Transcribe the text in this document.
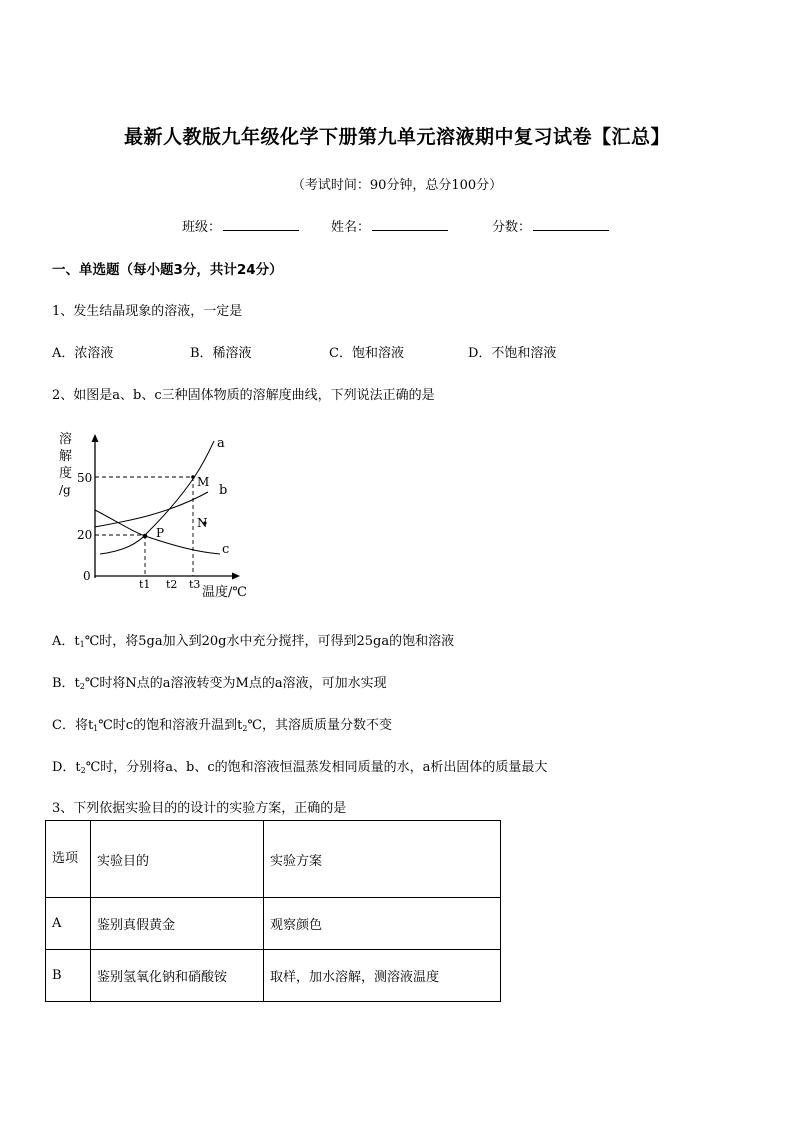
最新人教版九年级化学下册第九单元溶液期中复习试卷【汇总】
（考试时间：90分钟，总分100分）
班级：	姓名：	分数：
一、单选题（每小题3分，共计24分）
1、发生结晶现象的溶液，一定是
A．浓溶液	B．稀溶液	C．饱和溶液	D．不饱和溶液
2、如图是a、b、c三种固体物质的溶解度曲线，下列说法正确的是
溶
解
度
/g
50
20
0
t1 t2 t3
温度/℃
a
b
c
P
M
N
A．$t_1℃$时，将5ga加入到20g水中充分搅拌，可得到25ga的饱和溶液
B．$t_2℃$时将N点的a溶液转变为M点的a溶液，可加水实现
C．将$t_1℃$时c的饱和溶液升温到$t_2℃$，其溶质质量分数不变
D．$t_2℃$时，分别将a、b、c的饱和溶液恒温蒸发相同质量的水，a析出固体的质量最大
3、下列依据实验目的的设计的实验方案，正确的是
选项	实验目的	实验方案
A	鉴别真假黄金	观察颜色
B	鉴别氢氧化钠和硝酸铵	取样，加水溶解，测溶液温度
